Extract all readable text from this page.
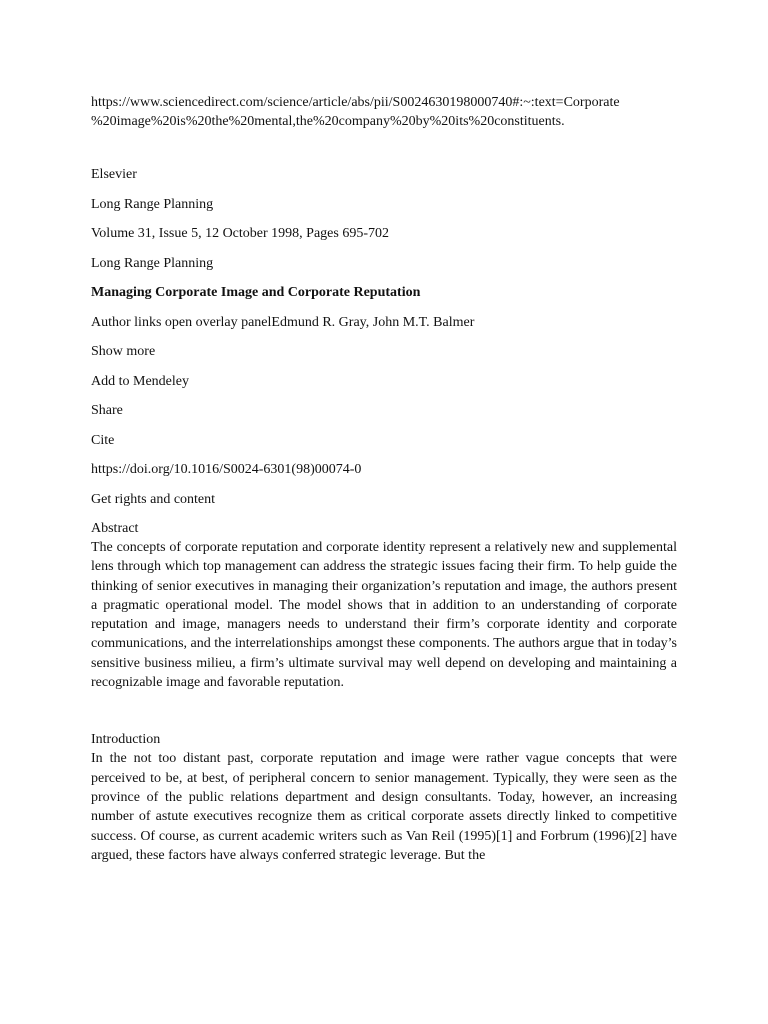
https://www.sciencedirect.com/science/article/abs/pii/S0024630198000740#:~:text=Corporate
%20image%20is%20the%20mental,the%20company%20by%20its%20constituents.

Elsevier

Long Range Planning

Volume 31, Issue 5, 12 October 1998, Pages 695-702

Long Range Planning

Managing Corporate Image and Corporate Reputation

Author links open overlay panelEdmund R. Gray, John M.T. Balmer

Show more

Add to Mendeley

Share

Cite

https://doi.org/10.1016/S0024-6301(98)00074-0

Get rights and content

Abstract

The concepts of corporate reputation and corporate identity represent a relatively new and supplemental lens through which top management can address the strategic issues facing their firm. To help guide the thinking of senior executives in managing their organization’s reputation and image, the authors present a pragmatic operational model. The model shows that in addition to an understanding of corporate reputation and image, managers needs to understand their firm’s corporate identity and corporate communications, and the interrelationships amongst these components. The authors argue that in today’s sensitive business milieu, a firm’s ultimate survival may well depend on developing and maintaining a recognizable image and favorable reputation.

Introduction

In the not too distant past, corporate reputation and image were rather vague concepts that were perceived to be, at best, of peripheral concern to senior management. Typically, they were seen as the province of the public relations department and design consultants. Today, however, an increasing number of astute executives recognize them as critical corporate assets directly linked to competitive success. Of course, as current academic writers such as Van Reil (1995)[1] and Forbrum (1996)[2] have argued, these factors have always conferred strategic leverage. But the
